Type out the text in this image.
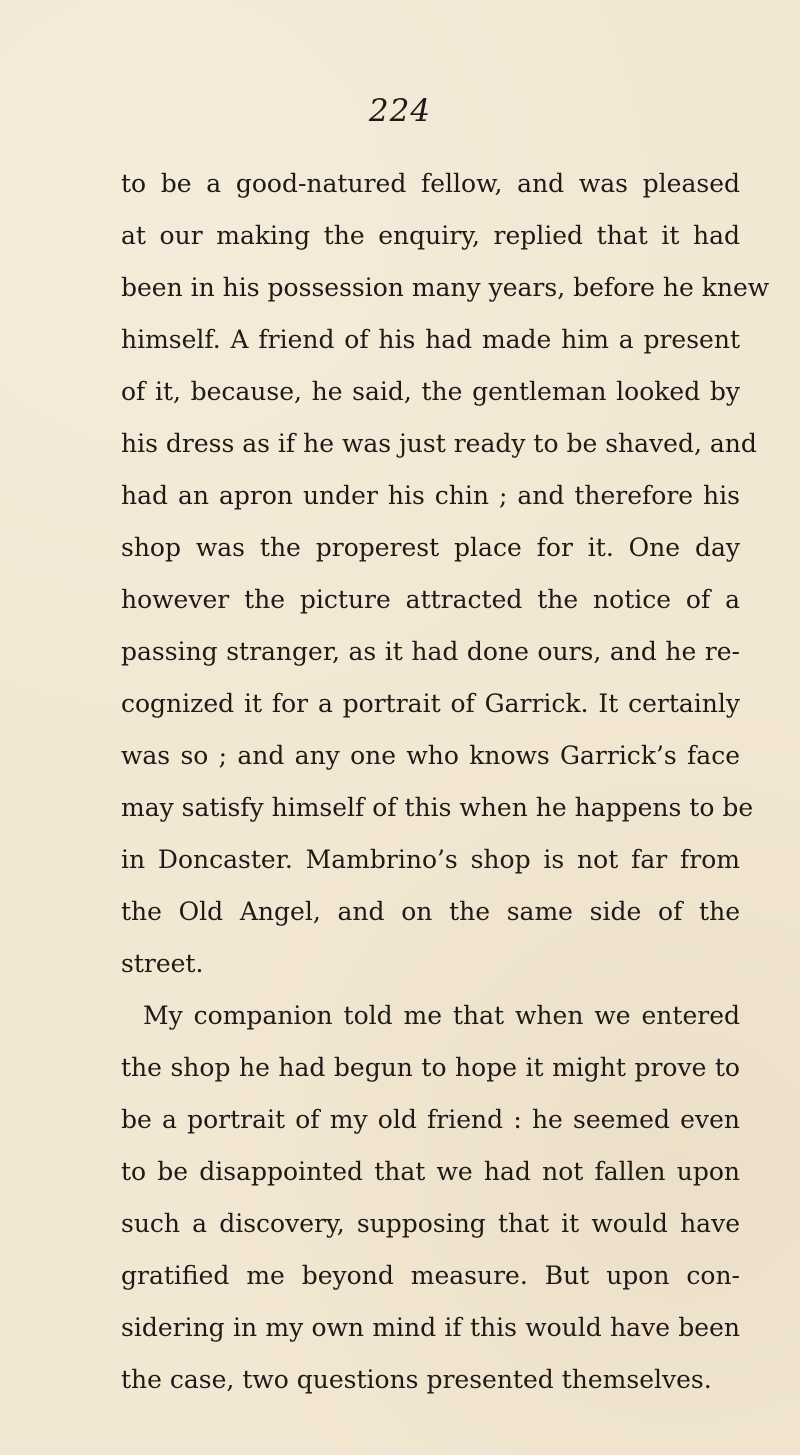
224
to be a good-natured fellow, and was pleased
at our making the enquiry, replied that it had
been in his possession many years, before he knew
himself. A friend of his had made him a present
of it, because, he said, the gentleman looked by
his dress as if he was just ready to be shaved, and
had an apron under his chin ; and therefore his
shop was the properest place for it. One day
however the picture attracted the notice of a
passing stranger, as it had done ours, and he re-
cognized it for a portrait of Garrick. It certainly
was so ; and any one who knows Garrick’s face
may satisfy himself of this when he happens to be
in Doncaster. Mambrino’s shop is not far from
the Old Angel, and on the same side of the
street.
My companion told me that when we entered
the shop he had begun to hope it might prove to
be a portrait of my old friend : he seemed even
to be disappointed that we had not fallen upon
such a discovery, supposing that it would have
gratified me beyond measure. But upon con-
sidering in my own mind if this would have been
the case, two questions presented themselves.
